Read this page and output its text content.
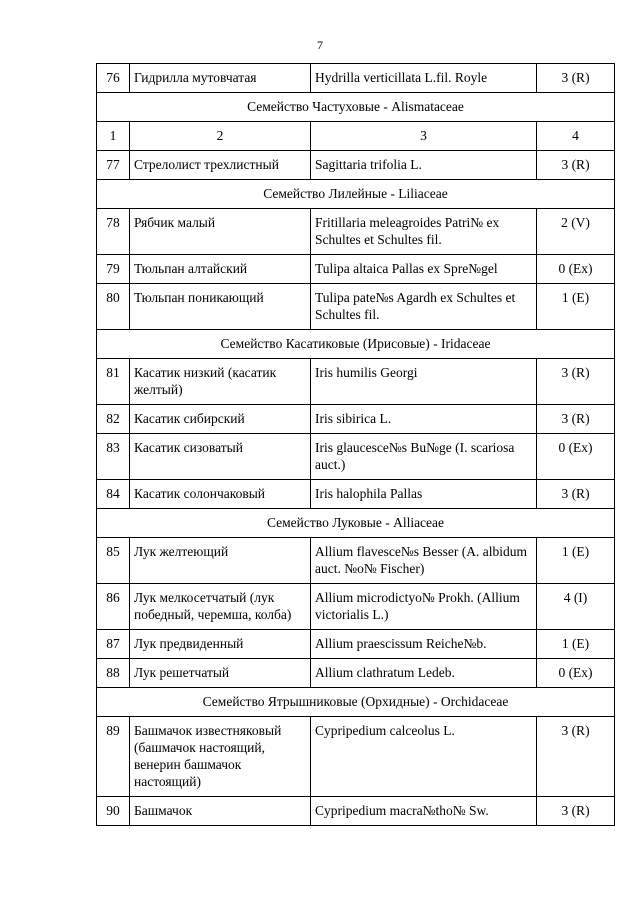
7
76	Гидрилла мутовчатая	Hydrilla verticillata L.fil. Royle	3 (R)
Семейство Частуховые - Alismataceae			
1	2	3	4
77	Стрелолист трехлистный	Sagittaria trifolia L.	3 (R)
Семейство Лилейные - Liliaceae			
78	Рябчик малый	Fritillaria meleagroides Patri№ ex Schultes et Schultes fil.	2 (V)
79	Тюльпан алтайский	Tulipa altaica Pallas ex Spre№gel	0 (Ex)
80	Тюльпан поникающий	Tulipa pate№s Agardh ex Schultes et Schultes fil.	1 (E)
Семейство Касатиковые (Ирисовые) - Iridaceae			
81	Касатик низкий (касатик желтый)	Iris humilis Georgi	3 (R)
82	Касатик сибирский	Iris sibirica L.	3 (R)
83	Касатик сизоватый	Iris glaucesce№s Bu№ge (I. scariosa auct.)	0 (Ex)
84	Касатик солончаковый	Iris halophila Pallas	3 (R)
Семейство Луковые - Alliaceae			
85	Лук желтеющий	Allium flavesce№s Besser (A. albidum auct. №o№ Fischer)	1 (E)
86	Лук мелкосетчатый (лук победный, черемша, колба)	Allium microdictyo№ Prokh. (Allium victorialis L.)	4 (I)
87	Лук предвиденный	Allium praescissum Reiche№b.	1 (E)
88	Лук решетчатый	Allium clathratum Ledeb.	0 (Ex)
Семейство Ятрышниковые (Орхидные) - Orchidaceae			
89	Башмачок известняковый (башмачок настоящий, венерин башмачок настоящий)	Cypripedium calceolus L.	3 (R)
90	Башмачок	Cypripedium macra№tho№ Sw.	3 (R)
